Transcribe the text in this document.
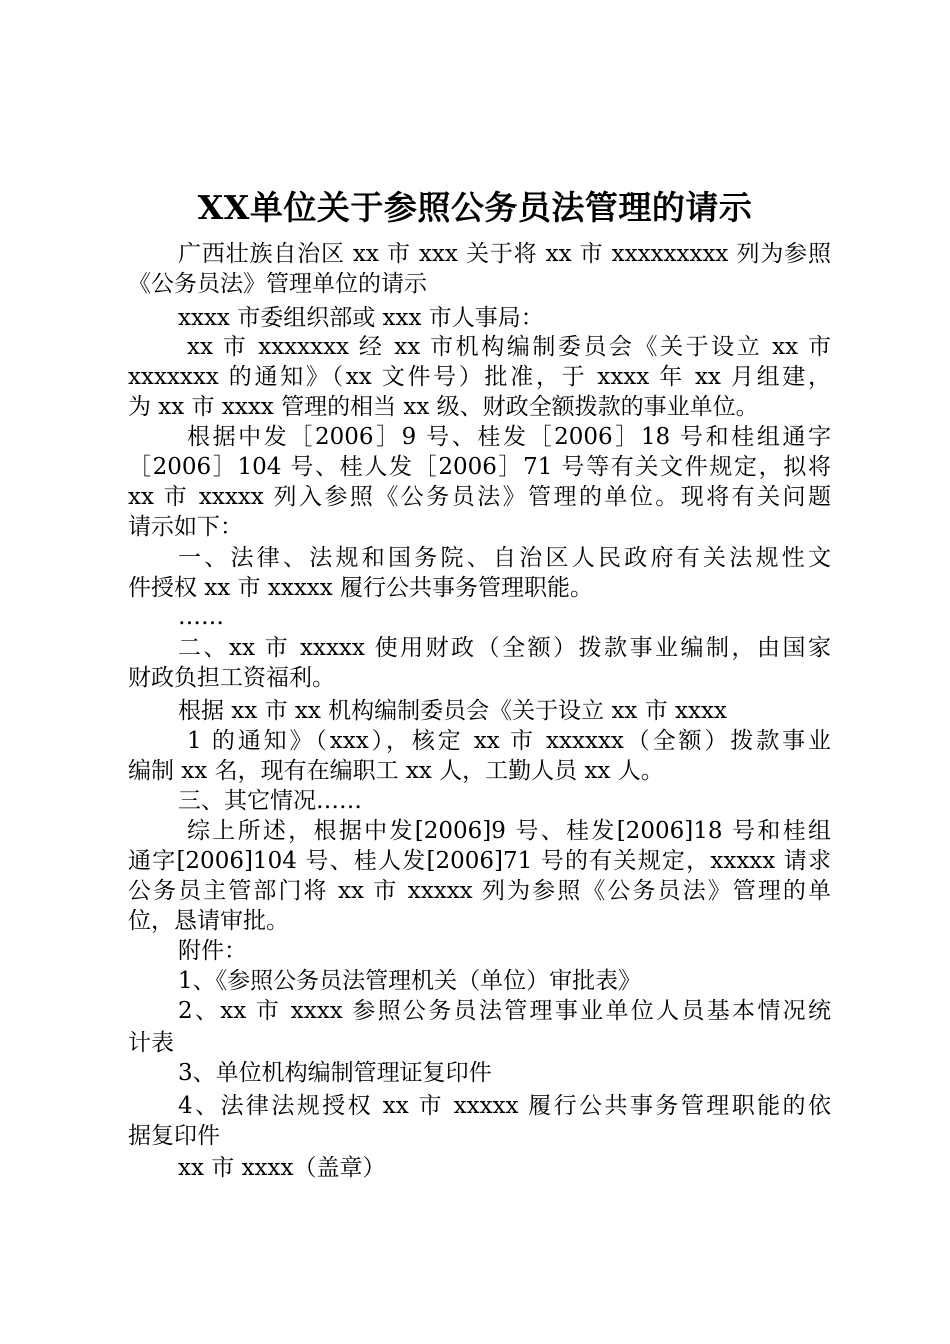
XX单位关于参照公务员法管理的请示
广西壮族自治区 xx 市 xxx 关于将 xx 市 xxxxxxxxx 列为参照
《公务员法》管理单位的请示
xxxx 市委组织部或 xxx 市人事局：
xx 市 xxxxxxx 经 xx 市机构编制委员会《关于设立 xx 市
xxxxxxx 的通知》（xx 文件号）批准，于 xxxx 年 xx 月组建，
为 xx 市 xxxx 管理的相当 xx 级、财政全额拨款的事业单位。
根据中发［2006］9 号、桂发［2006］18 号和桂组通字
［2006］104 号、桂人发［2006］71 号等有关文件规定，拟将
xx 市 xxxxx 列入参照《公务员法》管理的单位。现将有关问题
请示如下：
一、法律、法规和国务院、自治区人民政府有关法规性文
件授权 xx 市 xxxxx 履行公共事务管理职能。
……
二、xx 市 xxxxx 使用财政（全额）拨款事业编制，由国家
财政负担工资福利。
根据 xx 市 xx 机构编制委员会《关于设立 xx 市 xxxx
1 的通知》（xxx），核定 xx 市 xxxxxx（全额）拨款事业
编制 xx 名，现有在编职工 xx 人，工勤人员 xx 人。
三、其它情况……
综上所述，根据中发[2006]9 号、桂发[2006]18 号和桂组
通字[2006]104 号、桂人发[2006]71 号的有关规定，xxxxx 请求
公务员主管部门将 xx 市 xxxxx 列为参照《公务员法》管理的单
位，恳请审批。
附件：
1、《参照公务员法管理机关（单位）审批表》
2、xx 市 xxxx 参照公务员法管理事业单位人员基本情况统
计表
3、单位机构编制管理证复印件
4、法律法规授权 xx 市 xxxxx 履行公共事务管理职能的依
据复印件
xx 市 xxxx（盖章）
